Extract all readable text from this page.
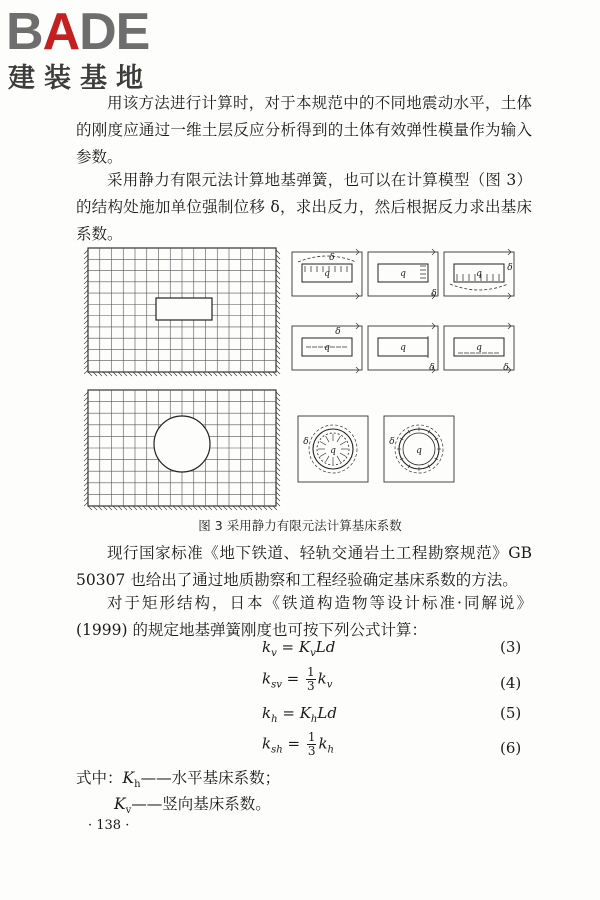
BADE
建装基地

用该方法进行计算时，对于本规范中的不同地震动水平，土体的刚度应通过一维土层反应分析得到的土体有效弹性模量作为输入参数。

采用静力有限元法计算地基弹簧，也可以在计算模型（图 3）的结构处施加单位强制位移 δ，求出反力，然后根据反力求出基床系数。

q
δ
q
δ
q
δ
q
δ
q
δ
q
δ
q
δ
q
δ
图 3 采用静力有限元法计算基床系数

现行国家标准《地下铁道、轻轨交通岩土工程勘察规范》GB 50307 也给出了通过地质勘察和工程经验确定基床系数的方法。

对于矩形结构，日本《铁道构造物等设计标准·同解说》(1999) 的规定地基弹簧刚度也可按下列公式计算：

$k_v = K_vLd$	(3)
$k_{sv} = \frac{1}{3} k_v$	(4)
$k_h = K_hLd$	(5)
$k_{sh} = \frac{1}{3} k_h$	(6)
式中：$K_h——$水平基床系数；
$K_v——$竖向基床系数。
· 138 ·
